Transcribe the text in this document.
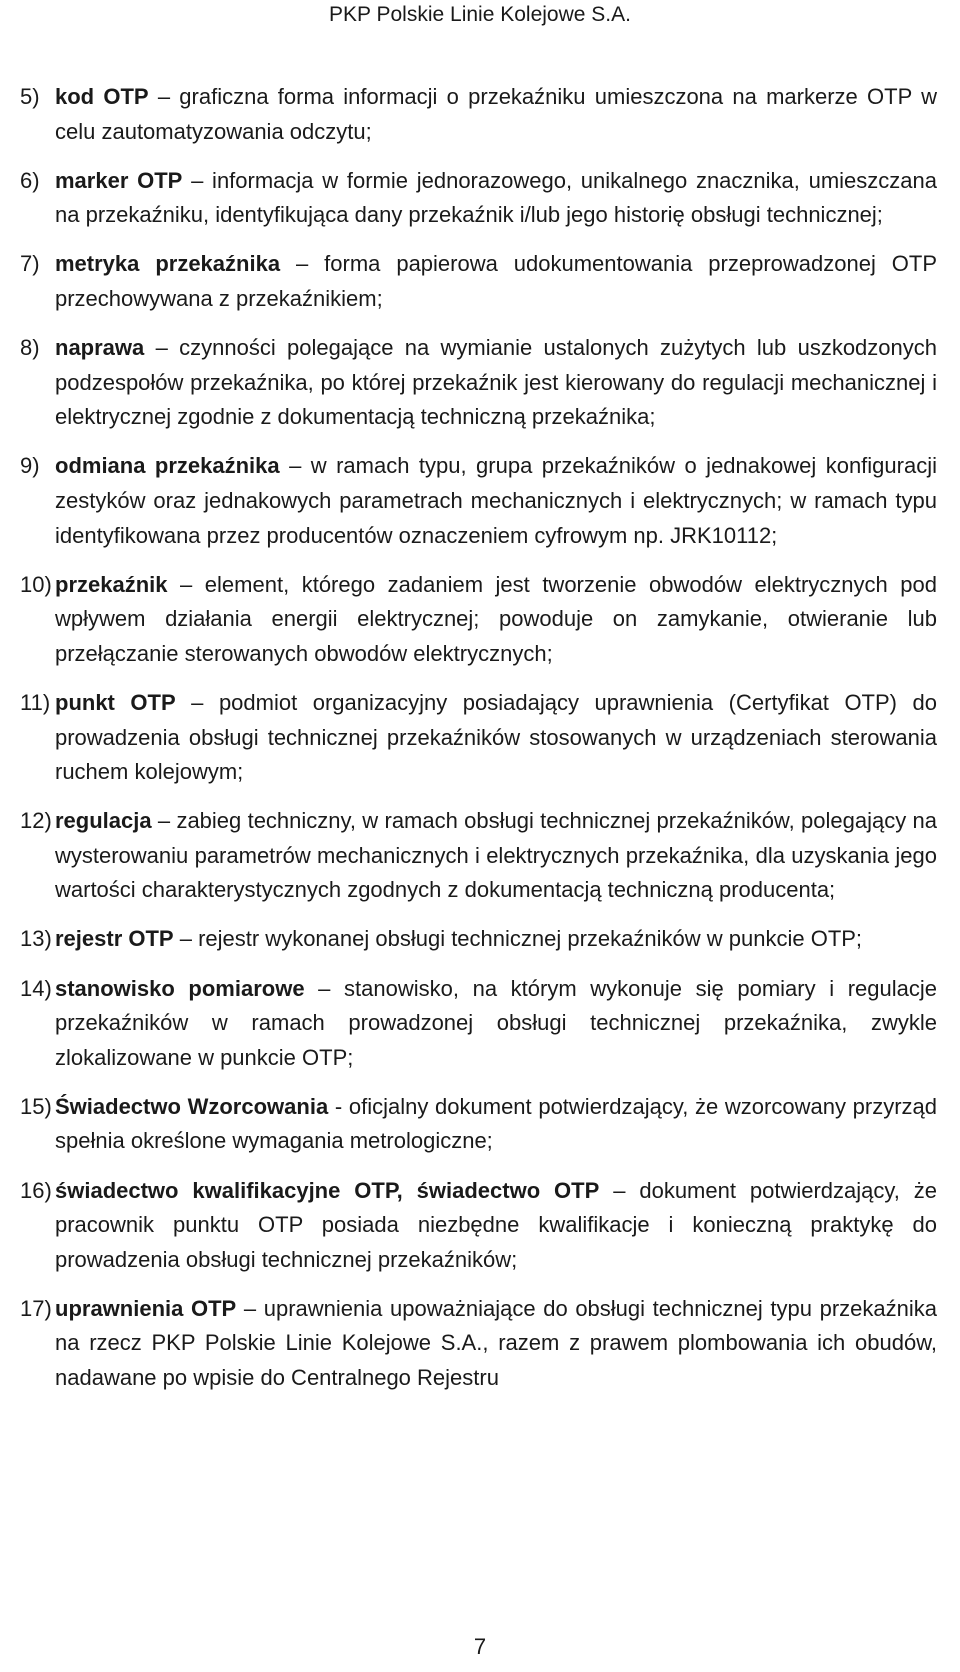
PKP Polskie Linie Kolejowe S.A.
5) kod OTP – graficzna forma informacji o przekaźniku umieszczona na markerze OTP w celu zautomatyzowania odczytu;
6) marker OTP – informacja w formie jednorazowego, unikalnego znacznika, umieszczana na przekaźniku, identyfikująca dany przekaźnik i/lub jego historię obsługi technicznej;
7) metryka przekaźnika – forma papierowa udokumentowania przeprowadzonej OTP przechowywana z przekaźnikiem;
8) naprawa – czynności polegające na wymianie ustalonych zużytych lub uszkodzonych podzespołów przekaźnika, po której przekaźnik jest kierowany do regulacji mechanicznej i elektrycznej zgodnie z dokumentacją techniczną przekaźnika;
9) odmiana przekaźnika – w ramach typu, grupa przekaźników o jednakowej konfiguracji zestyków oraz jednakowych parametrach mechanicznych i elektrycznych; w ramach typu identyfikowana przez producentów oznaczeniem cyfrowym np. JRK10112;
10) przekaźnik – element, którego zadaniem jest tworzenie obwodów elektrycznych pod wpływem działania energii elektrycznej; powoduje on zamykanie, otwieranie lub przełączanie sterowanych obwodów elektrycznych;
11) punkt OTP – podmiot organizacyjny posiadający uprawnienia (Certyfikat OTP) do prowadzenia obsługi technicznej przekaźników stosowanych w urządzeniach sterowania ruchem kolejowym;
12) regulacja – zabieg techniczny, w ramach obsługi technicznej przekaźników, polegający na wysterowaniu parametrów mechanicznych i elektrycznych przekaźnika, dla uzyskania jego wartości charakterystycznych zgodnych z dokumentacją techniczną producenta;
13) rejestr OTP – rejestr wykonanej obsługi technicznej przekaźników w punkcie OTP;
14) stanowisko pomiarowe – stanowisko, na którym wykonuje się pomiary i regulacje przekaźników w ramach prowadzonej obsługi technicznej przekaźnika, zwykle zlokalizowane w punkcie OTP;
15) Świadectwo Wzorcowania - oficjalny dokument potwierdzający, że wzorcowany przyrząd spełnia określone wymagania metrologiczne;
16) świadectwo kwalifikacyjne OTP, świadectwo OTP – dokument potwierdzający, że pracownik punktu OTP posiada niezbędne kwalifikacje i konieczną praktykę do prowadzenia obsługi technicznej przekaźników;
17) uprawnienia OTP – uprawnienia upoważniające do obsługi technicznej typu przekaźnika na rzecz PKP Polskie Linie Kolejowe S.A., razem z prawem plombowania ich obudów, nadawane po wpisie do Centralnego Rejestru
7
